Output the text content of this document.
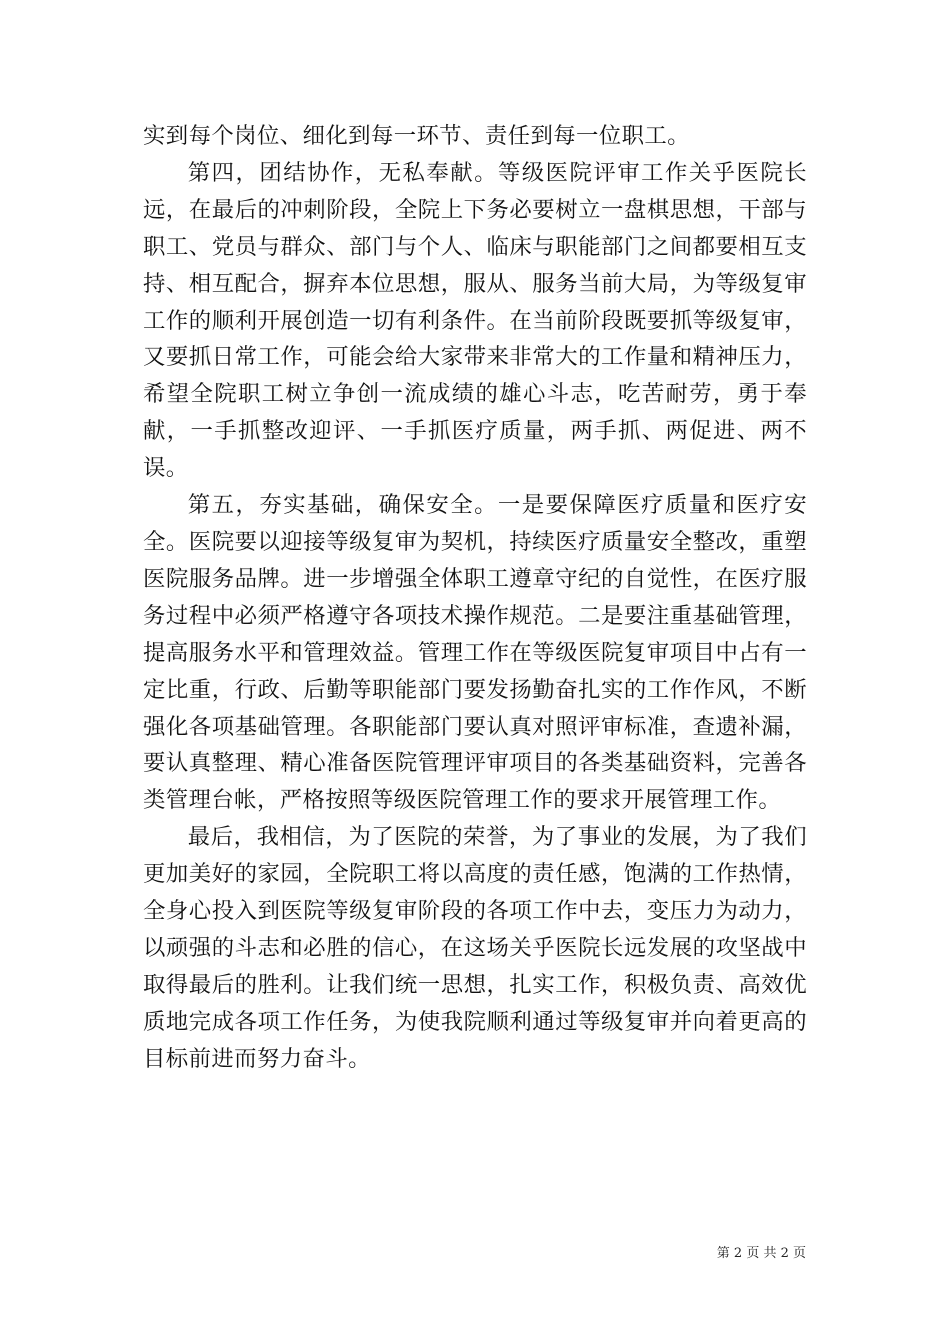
实到每个岗位、细化到每一环节、责任到每一位职工。

第四，团结协作，无私奉献。等级医院评审工作关乎医院长远，在最后的冲刺阶段，全院上下务必要树立一盘棋思想，干部与职工、党员与群众、部门与个人、临床与职能部门之间都要相互支持、相互配合，摒弃本位思想，服从、服务当前大局，为等级复审工作的顺利开展创造一切有利条件。在当前阶段既要抓等级复审，又要抓日常工作，可能会给大家带来非常大的工作量和精神压力，希望全院职工树立争创一流成绩的雄心斗志，吃苦耐劳，勇于奉献，一手抓整改迎评、一手抓医疗质量，两手抓、两促进、两不误。

第五，夯实基础，确保安全。一是要保障医疗质量和医疗安全。医院要以迎接等级复审为契机，持续医疗质量安全整改，重塑医院服务品牌。进一步增强全体职工遵章守纪的自觉性，在医疗服务过程中必须严格遵守各项技术操作规范。二是要注重基础管理，提高服务水平和管理效益。管理工作在等级医院复审项目中占有一定比重，行政、后勤等职能部门要发扬勤奋扎实的工作作风，不断强化各项基础管理。各职能部门要认真对照评审标准，查遗补漏，要认真整理、精心准备医院管理评审项目的各类基础资料，完善各类管理台帐，严格按照等级医院管理工作的要求开展管理工作。

最后，我相信，为了医院的荣誉，为了事业的发展，为了我们更加美好的家园，全院职工将以高度的责任感，饱满的工作热情，全身心投入到医院等级复审阶段的各项工作中去，变压力为动力，以顽强的斗志和必胜的信心，在这场关乎医院长远发展的攻坚战中取得最后的胜利。让我们统一思想，扎实工作，积极负责、高效优质地完成各项工作任务，为使我院顺利通过等级复审并向着更高的目标前进而努力奋斗。

第 2 页 共 2 页
